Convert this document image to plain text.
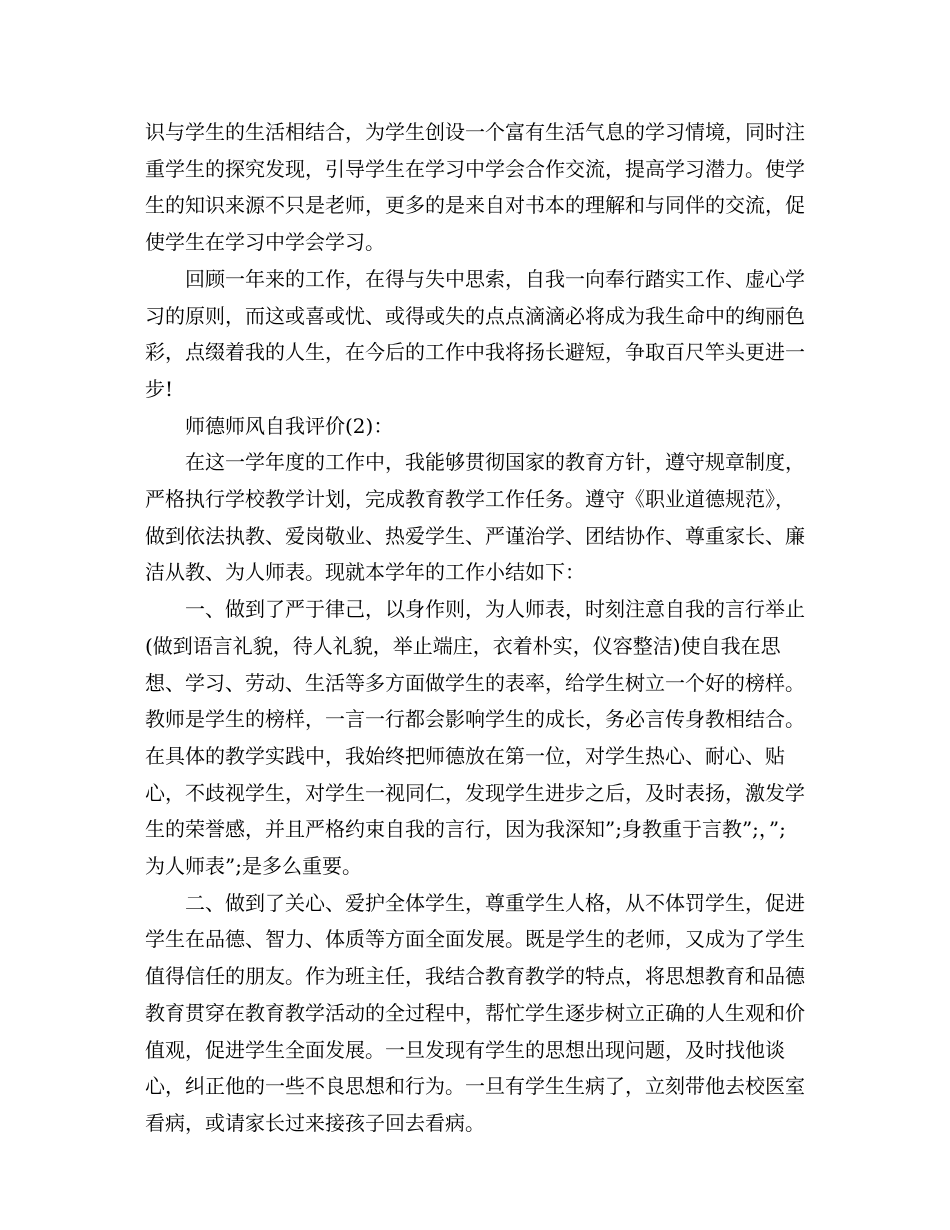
识与学生的生活相结合，为学生创设一个富有生活气息的学习情境，同时注重学生的探究发现，引导学生在学习中学会合作交流，提高学习潜力。使学生的知识来源不只是老师，更多的是来自对书本的理解和与同伴的交流，促使学生在学习中学会学习。

回顾一年来的工作，在得与失中思索，自我一向奉行踏实工作、虚心学习的原则，而这或喜或忧、或得或失的点点滴滴必将成为我生命中的绚丽色彩，点缀着我的人生，在今后的工作中我将扬长避短，争取百尺竿头更进一步!

师德师风自我评价(2)：

在这一学年度的工作中，我能够贯彻国家的教育方针，遵守规章制度，严格执行学校教学计划，完成教育教学工作任务。遵守《职业道德规范》，做到依法执教、爱岗敬业、热爱学生、严谨治学、团结协作、尊重家长、廉洁从教、为人师表。现就本学年的工作小结如下：

一、做到了严于律己，以身作则，为人师表，时刻注意自我的言行举止(做到语言礼貌，待人礼貌，举止端庄，衣着朴实，仪容整洁)使自我在思想、学习、劳动、生活等多方面做学生的表率，给学生树立一个好的榜样。教师是学生的榜样，一言一行都会影响学生的成长，务必言传身教相结合。在具体的教学实践中，我始终把师德放在第一位，对学生热心、耐心、贴心，不歧视学生，对学生一视同仁，发现学生进步之后，及时表扬，激发学生的荣誉感，并且严格约束自我的言行，因为我深知”;身教重于言教”;，”;为人师表”;是多么重要。

二、做到了关心、爱护全体学生，尊重学生人格，从不体罚学生，促进学生在品德、智力、体质等方面全面发展。既是学生的老师，又成为了学生值得信任的朋友。作为班主任，我结合教育教学的特点，将思想教育和品德教育贯穿在教育教学活动的全过程中，帮忙学生逐步树立正确的人生观和价值观，促进学生全面发展。一旦发现有学生的思想出现问题，及时找他谈心，纠正他的一些不良思想和行为。一旦有学生生病了，立刻带他去校医室看病，或请家长过来接孩子回去看病。
